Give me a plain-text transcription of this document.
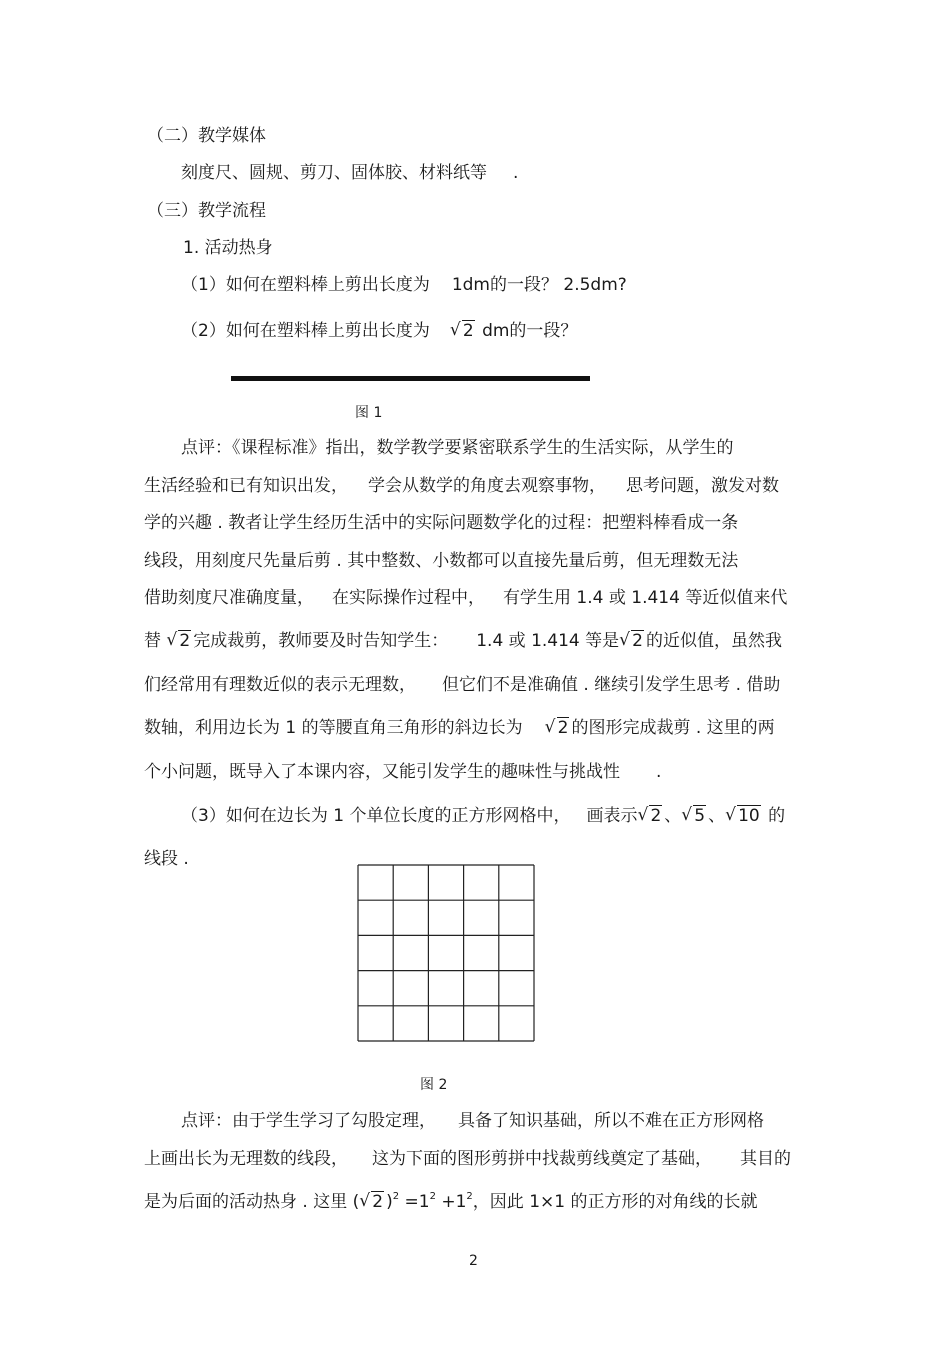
（二）教学媒体
刻度尺、圆规、剪刀、固体胶、材料纸等 .
（三）教学流程
1. 活动热身
（1）如何在塑料棒上剪出长度为 1dm的一段？ 2.5dm?
（2）如何在塑料棒上剪出长度为 √ 2 dm的一段？
图 1
点评：《课程标准》指出，数学教学要紧密联系学生的生活实际，从学生的
生活经验和已有知识出发， 学会从数学的角度去观察事物， 思考问题，激发对数
学的兴趣 . 教者让学生经历生活中的实际问题数学化的过程：把塑料棒看成一条
线段，用刻度尺先量后剪 . 其中整数、小数都可以直接先量后剪，但无理数无法
借助刻度尺准确度量， 在实际操作过程中， 有学生用 1.4 或 1.414 等近似值来代
替 √ 2 完成裁剪，教师要及时告知学生： 1.4 或 1.414 等是 √ 2 的近似值，虽然我
们经常用有理数近似的表示无理数， 但它们不是准确值 . 继续引发学生思考 . 借助
数轴，利用边长为 1 的等腰直角三角形的斜边长为 √ 2 的图形完成裁剪 . 这里的两
个小问题，既导入了本课内容，又能引发学生的趣味性与挑战性 .
（3）如何在边长为 1 个单位长度的正方形网格中， 画表示 √ 2 、 √ 5 、 √ 10 的
线段 .
图 2
点评：由于学生学习了勾股定理， 具备了知识基础，所以不难在正方形网格
上画出长为无理数的线段， 这为下面的图形剪拼中找裁剪线奠定了基础， 其目的
是为后面的活动热身 . 这里 ( √ 2 )$^2 =1^2 +1^2$，因此 1×1 的正方形的对角线的长就
2
